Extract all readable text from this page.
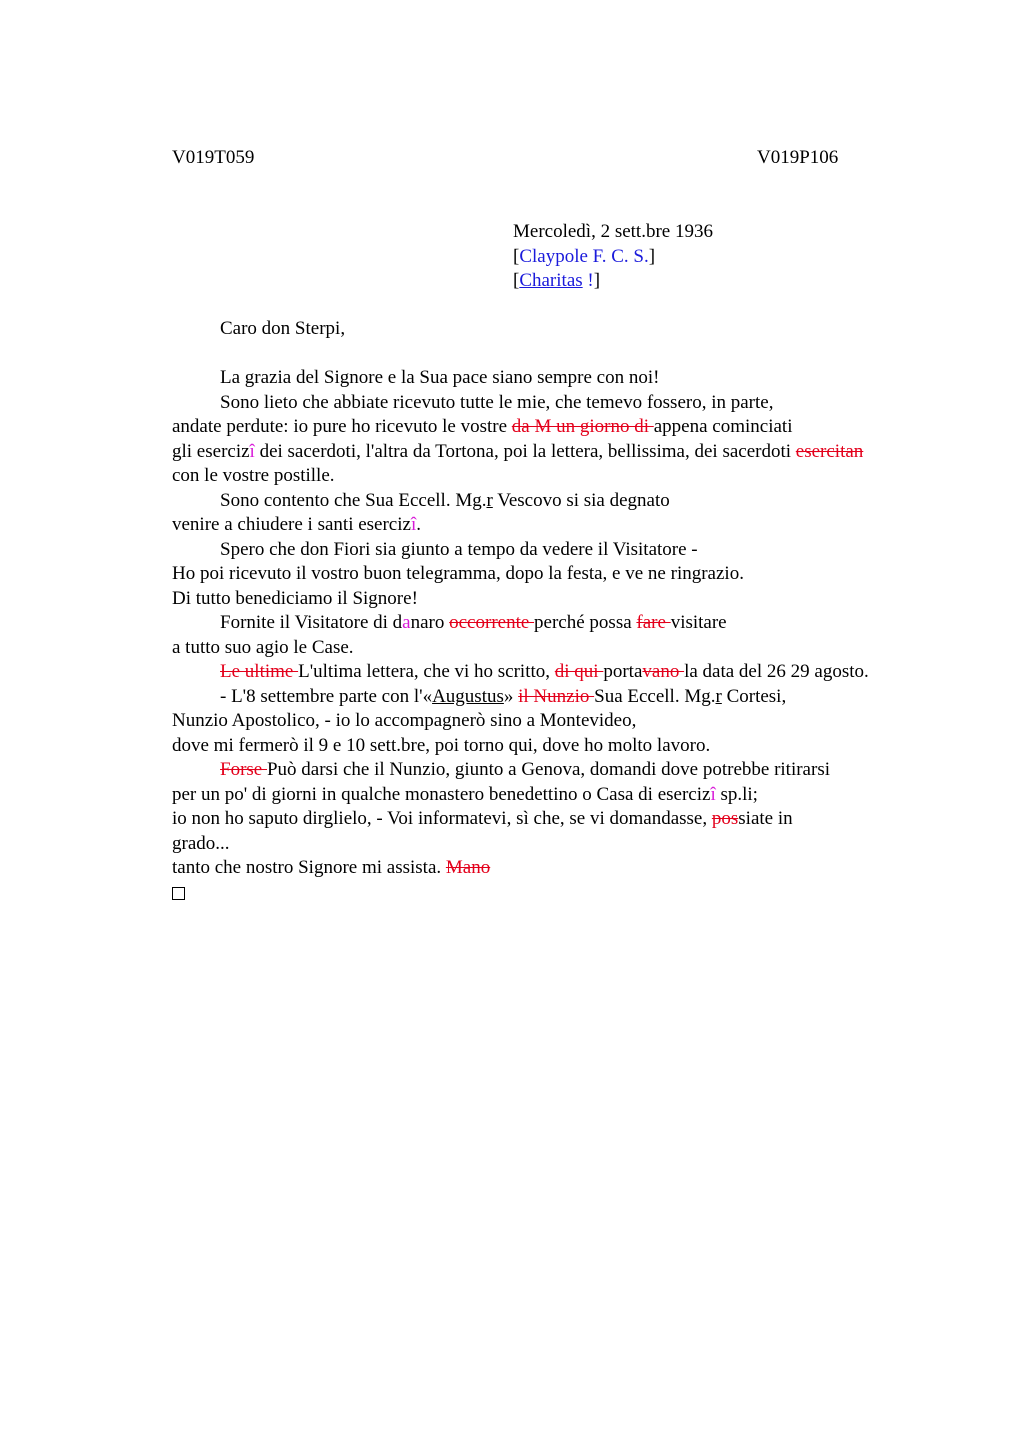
V019T059	V019P106
Mercoledì, 2 sett.bre 1936
[Claypole F. C. S.]
[Charitas !]
Caro don Sterpi,
La grazia del Signore e la Sua pace siano sempre con noi!
Sono lieto che abbiate ricevuto tutte le mie, che temevo fossero, in parte,
andate perdute: io pure ho ricevuto le vostre da M un giorno di appena cominciati
gli esercizî dei sacerdoti, l'altra da Tortona, poi la lettera, bellissima, dei sacerdoti esercitan
con le vostre postille.
Sono contento che Sua Eccell. Mg.r Vescovo si sia degnato
venire a chiudere i santi esercizî.
Spero che don Fiori sia giunto a tempo da vedere il Visitatore -
Ho poi ricevuto il vostro buon telegramma, dopo la festa, e ve ne ringrazio.
Di tutto benediciamo il Signore!
Fornite il Visitatore di danaro occorrente perché possa fare visitare
a tutto suo agio le Case.
Le ultime L'ultima lettera, che vi ho scritto, di qui portavano la data del 26 29 agosto.
- L'8 settembre parte con l'«Augustus» il Nunzio Sua Eccell. Mg.r Cortesi,
Nunzio Apostolico, - io lo accompagnerò sino a Montevideo,
dove mi fermerò il 9 e 10 sett.bre, poi torno qui, dove ho molto lavoro.
Forse Può darsi che il Nunzio, giunto a Genova, domandi dove potrebbe ritirarsi
per un po' di giorni in qualche monastero benedettino o Casa di esercizî sp.li;
io non ho saputo dirglielo, - Voi informatevi, sì che, se vi domandasse, possiate in
grado...
tanto che nostro Signore mi assista. Mano
